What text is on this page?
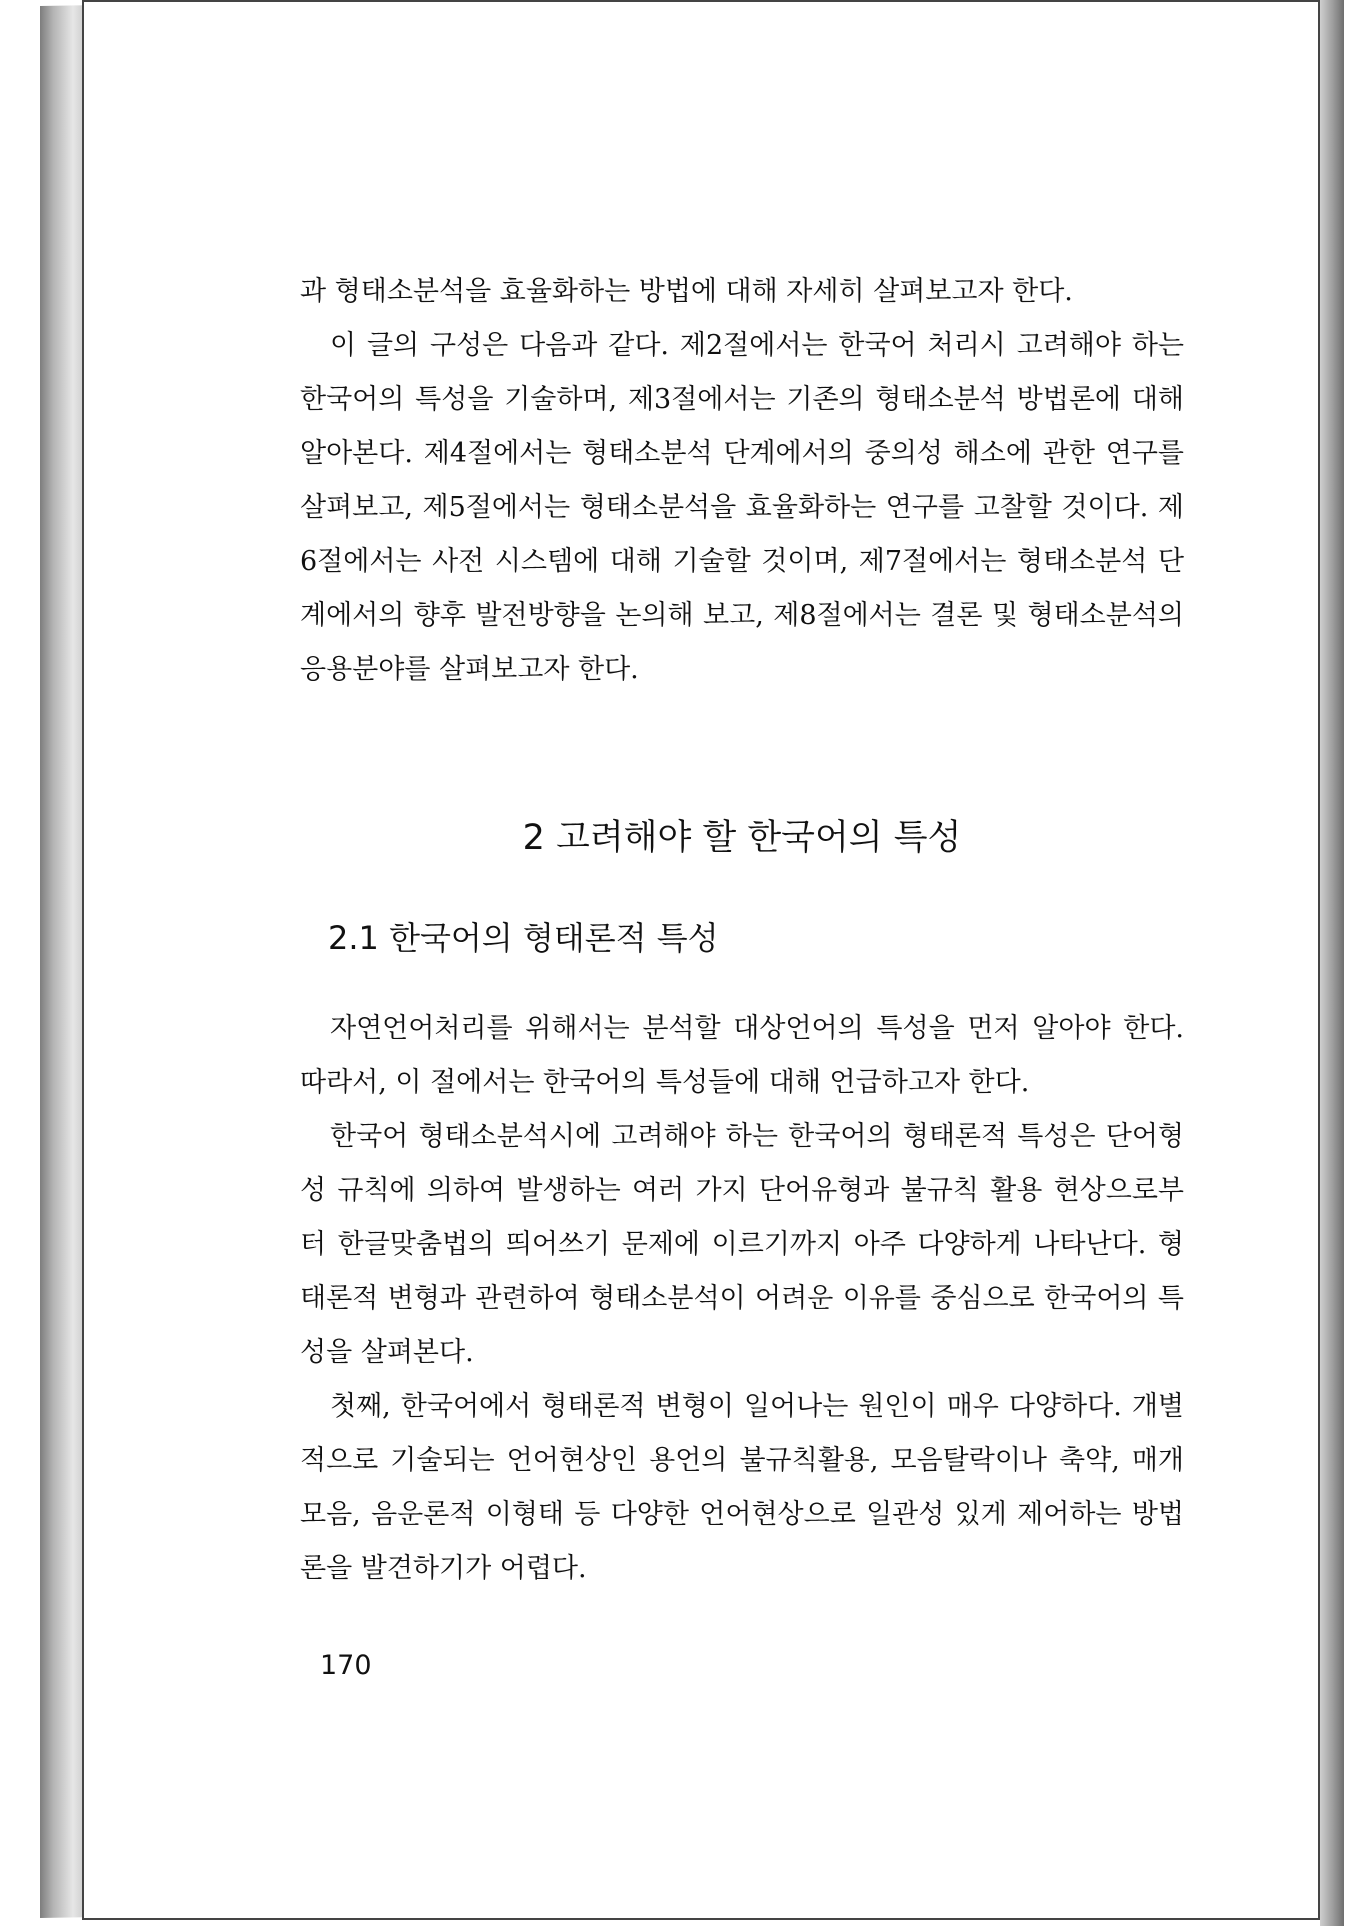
과 형태소분석을 효율화하는 방법에 대해 자세히 살펴보고자 한다.

이 글의 구성은 다음과 같다. 제2절에서는 한국어 처리시 고려해야 하는 한국어의 특성을 기술하며, 제3절에서는 기존의 형태소분석 방법론에 대해 알아본다. 제4절에서는 형태소분석 단계에서의 중의성 해소에 관한 연구를 살펴보고, 제5절에서는 형태소분석을 효율화하는 연구를 고찰할 것이다. 제6절에서는 사전 시스템에 대해 기술할 것이며, 제7절에서는 형태소분석 단계에서의 향후 발전방향을 논의해 보고, 제8절에서는 결론 및 형태소분석의 응용분야를 살펴보고자 한다.

2 고려해야 할 한국어의 특성
2.1 한국어의 형태론적 특성

자연언어처리를 위해서는 분석할 대상언어의 특성을 먼저 알아야 한다. 따라서, 이 절에서는 한국어의 특성들에 대해 언급하고자 한다.

한국어 형태소분석시에 고려해야 하는 한국어의 형태론적 특성은 단어형성 규칙에 의하여 발생하는 여러 가지 단어유형과 불규칙 활용 현상으로부터 한글맞춤법의 띄어쓰기 문제에 이르기까지 아주 다양하게 나타난다. 형태론적 변형과 관련하여 형태소분석이 어려운 이유를 중심으로 한국어의 특성을 살펴본다.

첫째, 한국어에서 형태론적 변형이 일어나는 원인이 매우 다양하다. 개별적으로 기술되는 언어현상인 용언의 불규칙활용, 모음탈락이나 축약, 매개모음, 음운론적 이형태 등 다양한 언어현상으로 일관성 있게 제어하는 방법론을 발견하기가 어렵다.

170
